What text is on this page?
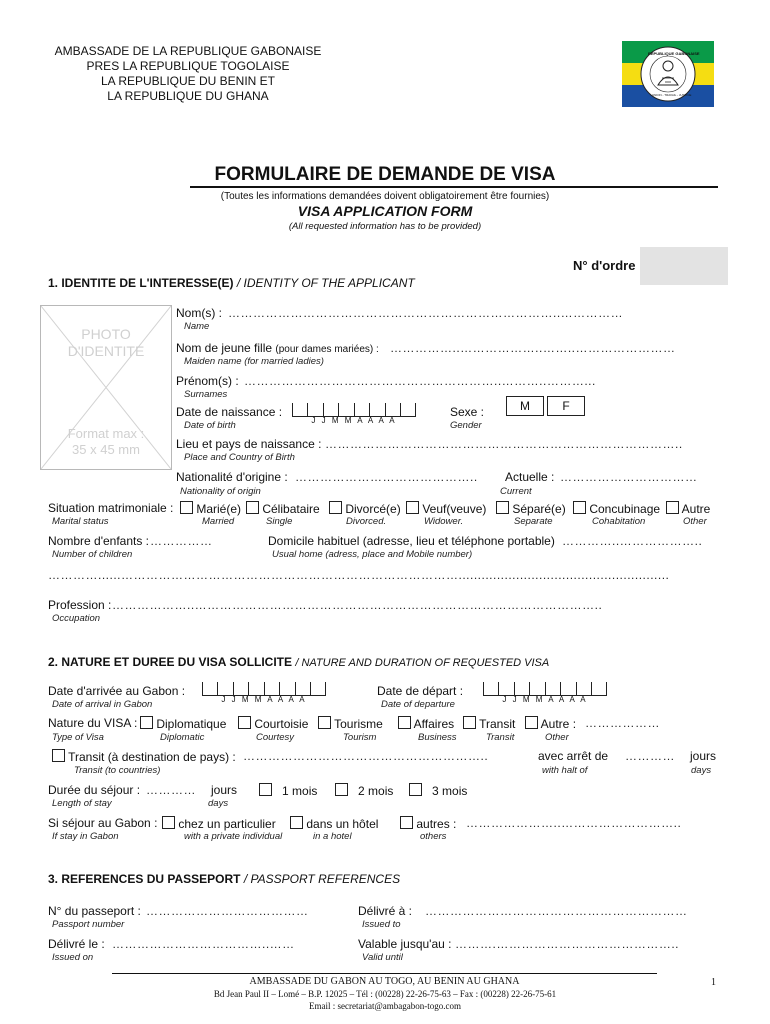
AMBASSADE DE LA REPUBLIQUE GABONAISE
PRES LA REPUBLIQUE TOGOLAISE
LA REPUBLIQUE DU BENIN ET
LA REPUBLIQUE DU GHANA
REPUBLIQUE GABONAISE
UNION - TRAVAIL - JUSTICE
FORMULAIRE DE DEMANDE DE VISA
(Toutes les informations demandées doivent obligatoirement être fournies)
VISA APPLICATION FORM
(All requested information has to be provided)
N° d'ordre
1. IDENTITE DE L'INTERESSE(E) / IDENTITY OF THE APPLICANT
PHOTO D'IDENTITE
Format max :
35 x 45 mm
Nom(s) : ……………………………………………………………………..……………
Name
Nom de jeune fille (pour dames mariées) : ……………..………………..……..……………………
Maiden name (for married ladies)
Prénom(s) : ……………………………………………………..………..………...
Surnames
Date de naissance :
J J M M A A A A
Date of birth
Sexe :
Gender
M	F
Lieu et pays de naissance : …………………………………………………………………………..
Place and Country of Birth
Nationalité d'origine : …………………………………….. Actuelle : ……………………………
Nationality of origin	Current
Situation matrimoniale :
Marital status
Marié(e)
Married
Célibataire
Single
Divorcé(e)
Divorced.
Veuf(veuve)
Widower.
Séparé(e)
Separate
Concubinage
Cohabitation
Autre
Other
Nombre d'enfants : ……………
Number of children
Domicile habituel (adresse, lieu et téléphone portable) …………..………………..
Usual home (adress, place and Mobile number)
…………......……………………………………………………………………….......................................................
Profession : ………………..……………………………………………………………………………………..
Occupation
2. NATURE ET DUREE DU VISA SOLLICITE / NATURE AND DURATION OF REQUESTED VISA
Date d'arrivée au Gabon :
J J M M A A A A
Date of arrival in Gabon
Date de départ :
J J M M A A A A
Date of departure
Nature du VISA :
Type of Visa
Diplomatique
Diplomatic
Courtoisie
Courtesy
Tourisme
Tourism
Affaires
Business
Transit
Transit
Autre : ………………
Other
Transit (à destination de pays) : …………………………………………………..	avec arrêt de ………… jours
Transit (to countries)	with halt of	days
Durée du séjour : ………… jours
Length of stay	days
1 mois	2 mois	3 mois
Si séjour au Gabon :
If stay in Gabon
chez un particulier
with a private individual
dans un hôtel
in a hotel
autres : …………………..………………………..
others
3. REFERENCES DU PASSEPORT / PASSPORT REFERENCES
N° du passeport : …………………………………
Passport number
Délivré à : ………………………………………………………
Issued to
Délivré le : ………………………………..……
Issued on
Valable jusqu'au : ……….……………………………………..
Valid until
AMBASSADE DU GABON AU TOGO, AU BENIN AU GHANA
Bd Jean Paul II – Lomé – B.P. 12025 – Tél : (00228) 22-26-75-63 – Fax : (00228) 22-26-75-61
Email : secretariat@ambagabon-togo.com
1
